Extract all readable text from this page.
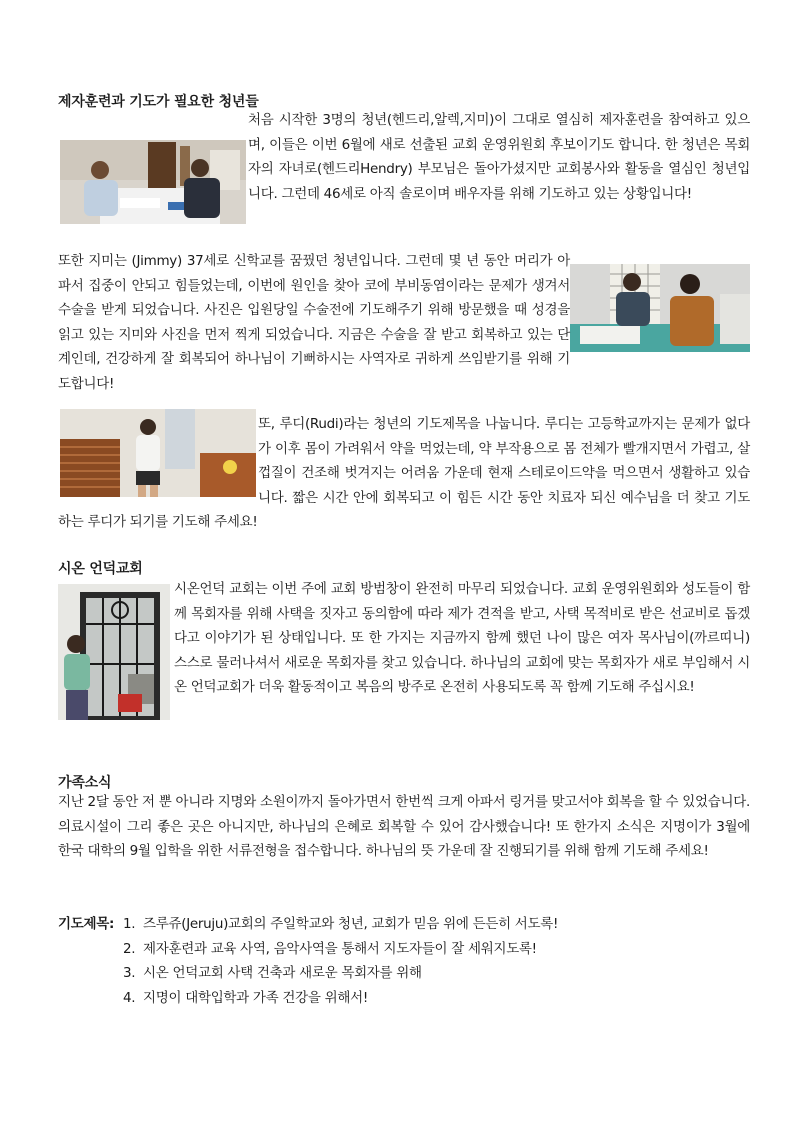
제자훈련과 기도가 필요한 청년들

처음 시작한 3명의 청년(헨드리,알렉,지미)이 그대로 열심히 제자훈련을 참여하고 있으며, 이들은 이번 6월에 새로 선출된 교회 운영위원회 후보이기도 합니다. 한 청년은 목회자의 자녀로(헨드리Hendry) 부모님은 돌아가셨지만 교회봉사와 활동을 열심인 청년입니다. 그런데 46세로 아직 솔로이며 배우자를 위해 기도하고 있는 상황입니다!

또한 지미는 (Jimmy) 37세로 신학교를 꿈꿨던 청년입니다. 그런데 몇 년 동안 머리가 아파서 집중이 안되고 힘들었는데, 이번에 원인을 찾아 코에 부비동염이라는 문제가 생겨서 수술을 받게 되었습니다. 사진은 입원당일 수술전에 기도해주기 위해 방문했을 때 성경을 읽고 있는 지미와 사진을 먼저 찍게 되었습니다. 지금은 수술을 잘 받고 회복하고 있는 단계인데, 건강하게 잘 회복되어 하나님이 기뻐하시는 사역자로 귀하게 쓰임받기를 위해 기도합니다!
또, 루디(Rudi)라는 청년의 기도제목을 나눕니다. 루디는 고등학교까지는 문제가 없다가 이후 몸이 가려워서 약을 먹었는데, 약 부작용으로 몸 전체가 빨개지면서 가렵고, 살 껍질이 건조해 벗겨지는 어려움 가운데 현재 스테로이드약을 먹으면서 생활하고 있습니다. 짧은 시간 안에 회복되고 이 힘든 시간 동안 치료자 되신 예수님을 더 찾고 기도하는 루디가 되기를 기도해 주세요!
시온 언덕교회
시온언덕 교회는 이번 주에 교회 방범창이 완전히 마무리 되었습니다. 교회 운영위원회와 성도들이 함께 목회자를 위해 사택을 짓자고 동의함에 따라 제가 견적을 받고, 사택 목적비로 받은 선교비로 돕겠다고 이야기가 된 상태입니다. 또 한 가지는 지금까지 함께 했던 나이 많은 여자 목사님이(까르띠니) 스스로 물러나셔서 새로운 목회자를 찾고 있습니다. 하나님의 교회에 맞는 목회자가 새로 부임해서 시온 언덕교회가 더욱 활동적이고 복음의 방주로 온전히 사용되도록 꼭 함께 기도해 주십시요!
가족소식
지난 2달 동안 저 뿐 아니라 지명와 소원이까지 돌아가면서 한번씩 크게 아파서 링거를 맞고서야 회복을 할 수 있었습니다. 의료시설이 그리 좋은 곳은 아니지만, 하나님의 은혜로 회복할 수 있어 감사했습니다! 또 한가지 소식은 지명이가 3월에 한국 대학의 9월 입학을 위한 서류전형을 접수합니다. 하나님의 뜻 가운데 잘 진행되기를 위해 함께 기도해 주세요!
기도제목: 1. 즈루쥬(Jeruju)교회의 주일학교와 청년, 교회가 믿음 위에 든든히 서도록!
2. 제자훈련과 교육 사역, 음악사역을 통해서 지도자들이 잘 세워지도록!
3. 시온 언덕교회 사택 건축과 새로운 목회자를 위해
4. 지명이 대학입학과 가족 건강을 위해서!
